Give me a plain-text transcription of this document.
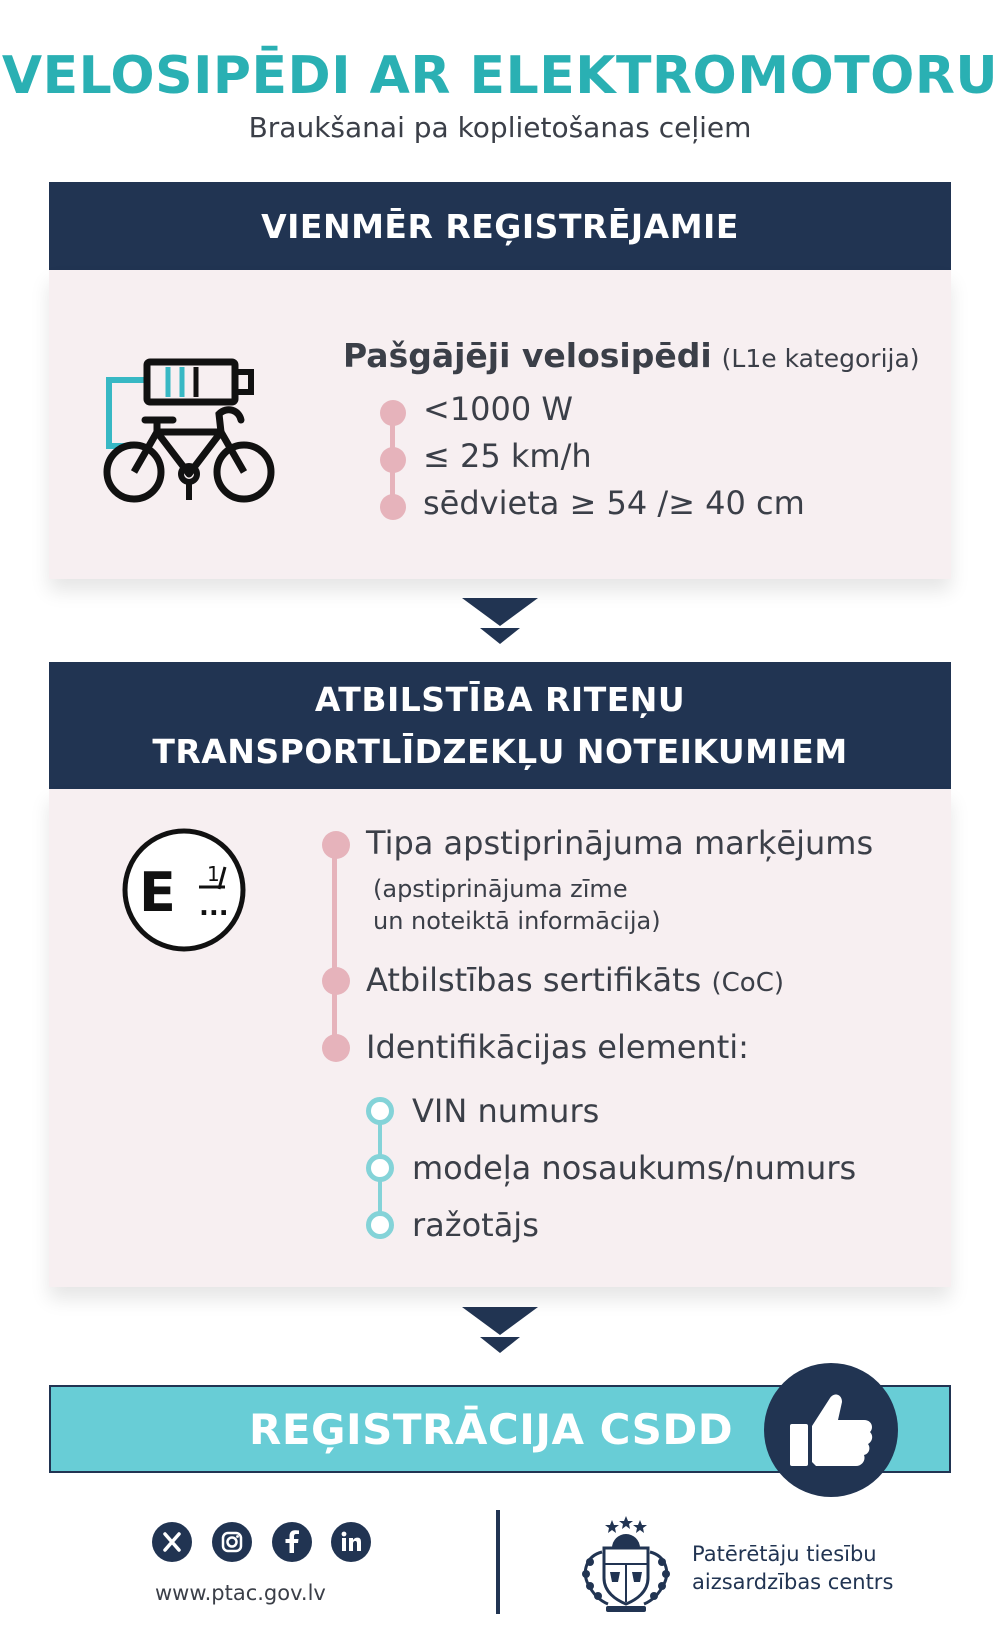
VELOSIPĒDI AR ELEKTROMOTORU
Braukšanai pa koplietošanas ceļiem
VIENMĒR REĢISTRĒJAMIE
Pašgājēji velosipēdi (L1e kategorija)
<1000 W
≤ 25 km/h
sēdvieta ≥ 54 /≥ 40 cm
ATBILSTĪBA RITEŅU
TRANSPORTLĪDZEKĻU NOTEIKUMIEM
E 1
...
Tipa apstiprinājuma marķējums
(apstiprinājuma zīme
un noteiktā informācija)
Atbilstības sertifikāts (CoC)
Identifikācijas elementi:
VIN numurs
modeļa nosaukums/numurs
ražotājs
REĢISTRĀCIJA CSDD
www.ptac.gov.lv
Patērētāju tiesību
aizsardzības centrs
